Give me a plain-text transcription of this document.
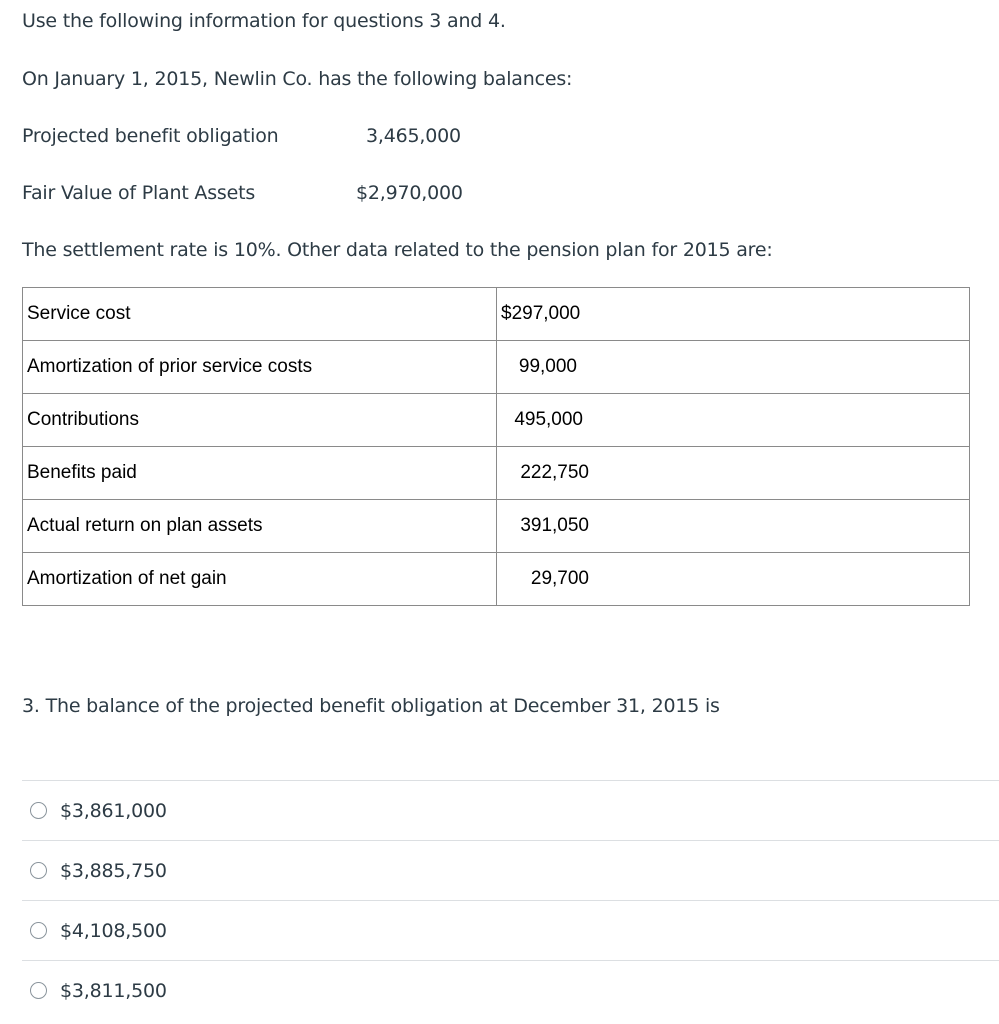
Use the following information for questions 3 and 4.
On January 1, 2015, Newlin Co. has the following balances:
Projected benefit obligation	3,465,000
Fair Value of Plant Assets	$2,970,000
The settlement rate is 10%. Other data related to the pension plan for 2015 are:
Service cost	$297,000
Amortization of prior service costs	99,000
Contributions	495,000
Benefits paid	222,750
Actual return on plan assets	391,050
Amortization of net gain	29,700
3. The balance of the projected benefit obligation at December 31, 2015 is
$3,861,000
$3,885,750
$4,108,500
$3,811,500
